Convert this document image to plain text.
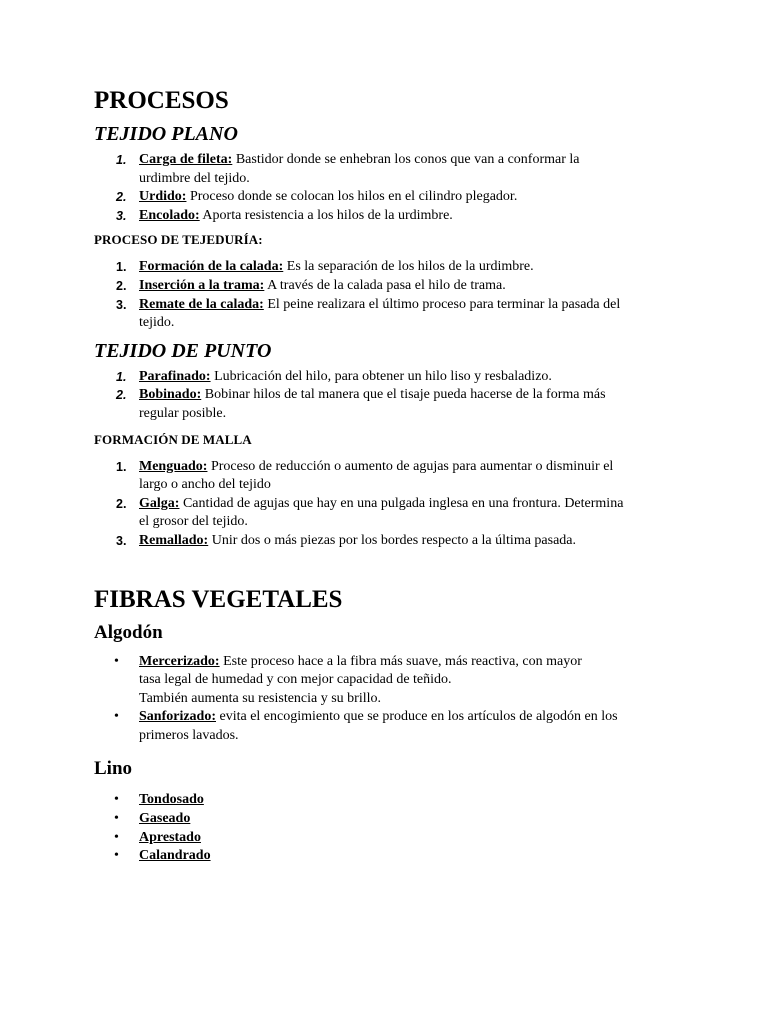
PROCESOS
TEJIDO PLANO
1. Carga de fileta: Bastidor donde se enhebran los conos que van a conformar la
urdimbre del tejido.
2. Urdido: Proceso donde se colocan los hilos en el cilindro plegador.
3. Encolado: Aporta resistencia a los hilos de la urdimbre.
PROCESO DE TEJEDURÍA:
1. Formación de la calada: Es la separación de los hilos de la urdimbre.
2. Inserción a la trama: A través de la calada pasa el hilo de trama.
3. Remate de la calada: El peine realizara el último proceso para terminar la pasada del
tejido.
TEJIDO DE PUNTO
1. Parafinado: Lubricación del hilo, para obtener un hilo liso y resbaladizo.
2. Bobinado: Bobinar hilos de tal manera que el tisaje pueda hacerse de la forma más
regular posible.
FORMACIÓN DE MALLA
1. Menguado: Proceso de reducción o aumento de agujas para aumentar o disminuir el
largo o ancho del tejido
2. Galga: Cantidad de agujas que hay en una pulgada inglesa en una frontura. Determina
el grosor del tejido.
3. Remallado: Unir dos o más piezas por los bordes respecto a la última pasada.
FIBRAS VEGETALES
Algodón
• Mercerizado: Este proceso hace a la fibra más suave, más reactiva, con mayor
tasa legal de humedad y con mejor capacidad de teñido.
También aumenta su resistencia y su brillo.
• Sanforizado: evita el encogimiento que se produce en los artículos de algodón en los
primeros lavados.
Lino
• Tondosado
• Gaseado
• Aprestado
• Calandrado
